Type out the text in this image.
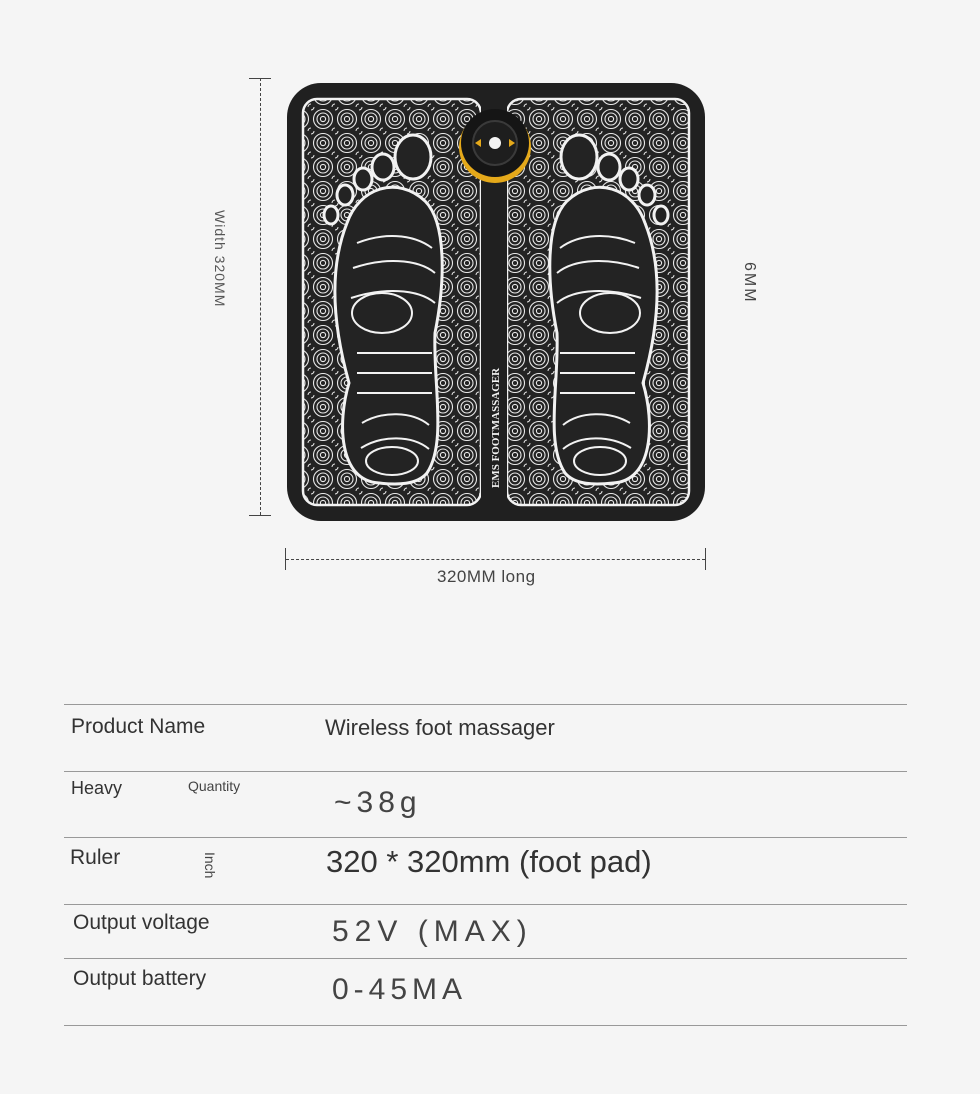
Width 320MM
320MM long
6MM
EMS FOOTMASSAGER
Product Name	Wireless foot massager
Heavy	Quantity	~38g
Ruler	Inch	320 * 320mm (foot pad)
Output voltage	52V (MAX)
Output battery	0-45MA
